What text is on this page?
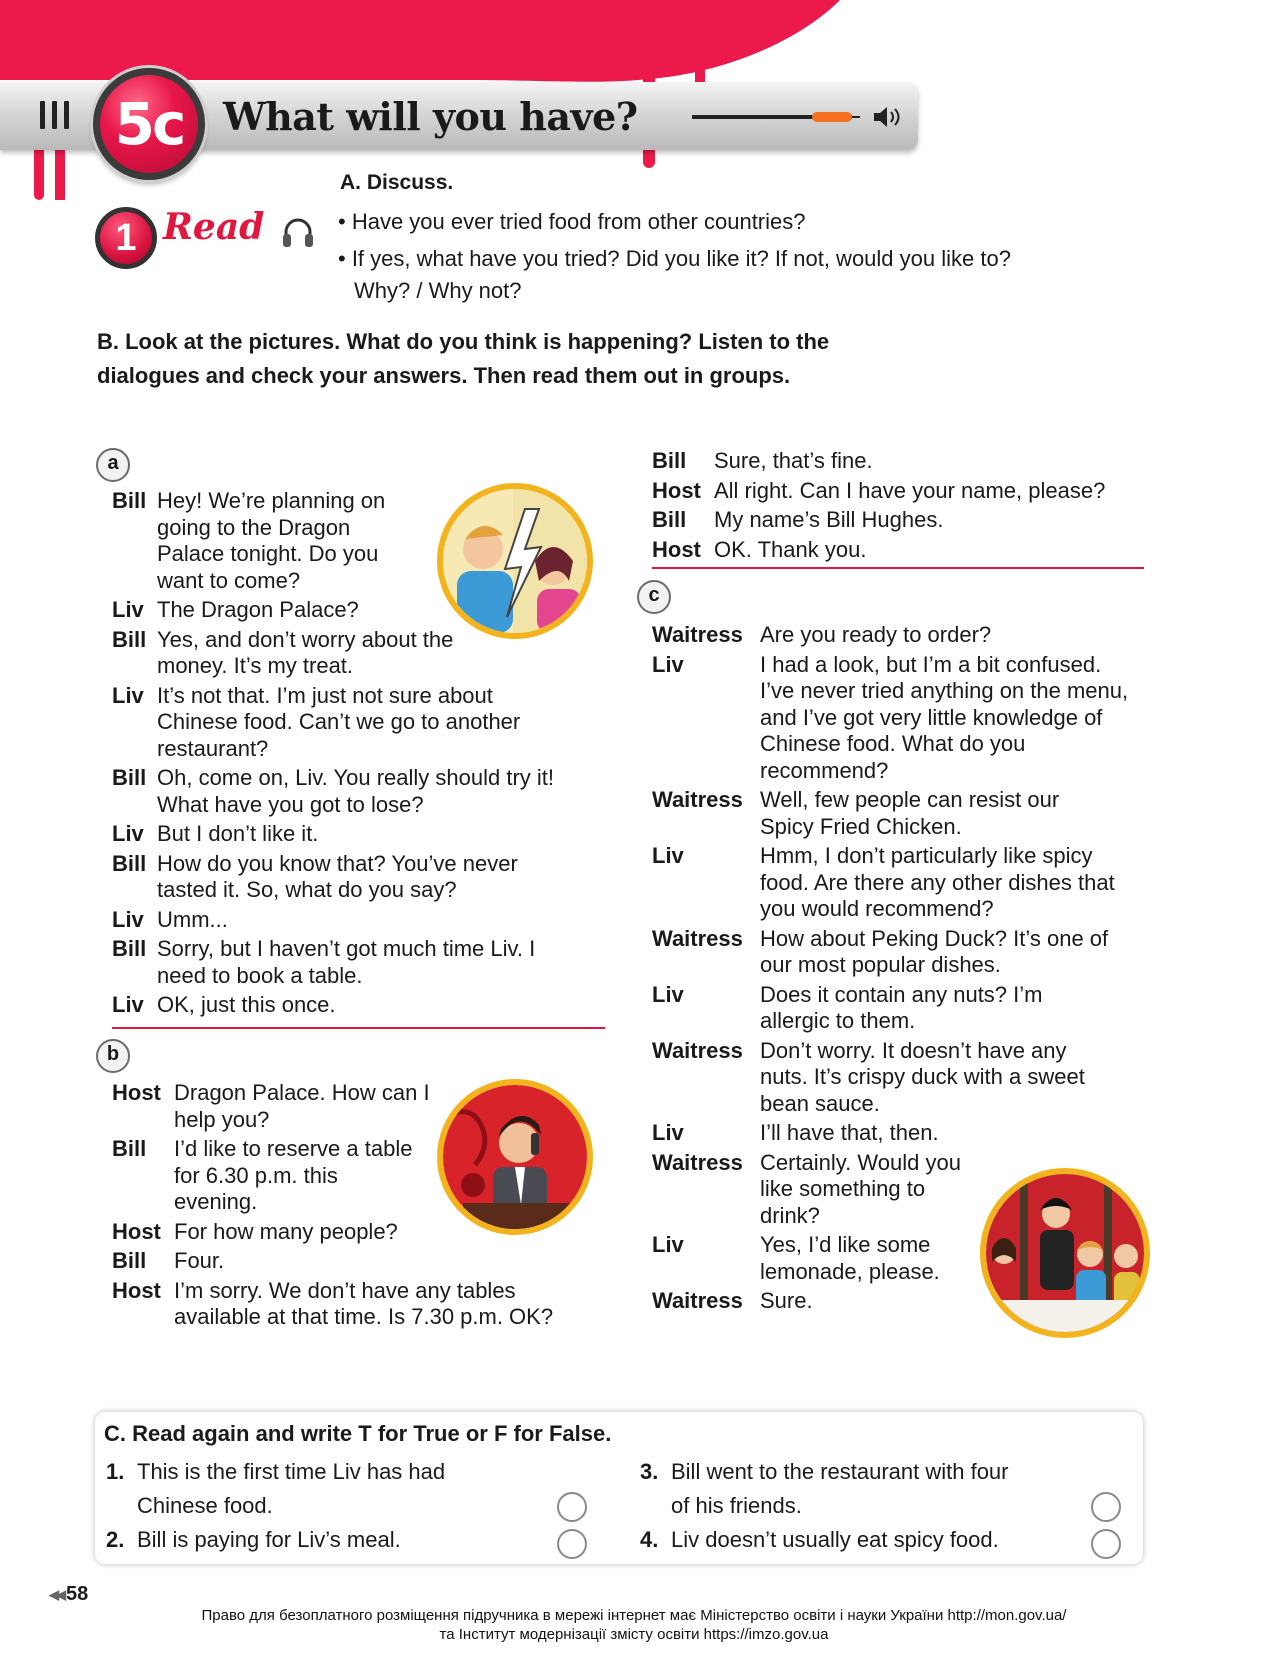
5c	What will you have?
1 Read
A. Discuss.
• Have you ever tried food from other countries?
• If yes, what have you tried? Did you like it? If not, would you like to?
Why? / Why not?
B. Look at the pictures. What do you think is happening? Listen to the dialogues and check your answers. Then read them out in groups.
a
Bill Hey! We’re planning on going to the Dragon Palace tonight. Do you want to come?
Liv The Dragon Palace?
Bill Yes, and don’t worry about the money. It’s my treat.
Liv It’s not that. I’m just not sure about Chinese food. Can’t we go to another restaurant?
Bill Oh, come on, Liv. You really should try it! What have you got to lose?
Liv But I don’t like it.
Bill How do you know that? You’ve never tasted it. So, what do you say?
Liv Umm...
Bill Sorry, but I haven’t got much time Liv. I need to book a table.
Liv OK, just this once.
b
Host Dragon Palace. How can I help you?
Bill	I’d like to reserve a table for 6.30 p.m. this evening.
Host For how many people?
Bill	Four.
Host I’m sorry. We don’t have any tables available at that time. Is 7.30 p.m. OK?
Bill	Sure, that’s fine.
Host All right. Can I have your name, please?
Bill	My name’s Bill Hughes.
Host OK. Thank you.
c
Waitress Are you ready to order?
Liv	I had a look, but I’m a bit confused. I’ve never tried anything on the menu, and I’ve got very little knowledge of Chinese food. What do you recommend?
Waitress Well, few people can resist our Spicy Fried Chicken.
Liv	Hmm, I don’t particularly like spicy food. Are there any other dishes that you would recommend?
Waitress How about Peking Duck? It’s one of our most popular dishes.
Liv	Does it contain any nuts? I’m allergic to them.
Waitress Don’t worry. It doesn’t have any nuts. It’s crispy duck with a sweet bean sauce.
Liv	I’ll have that, then.
Waitress Certainly. Would you like something to drink?
Liv	Yes, I’d like some lemonade, please.
Waitress Sure.
C. Read again and write T for True or F for False.
1. This is the first time Liv has had
Chinese food.
2. Bill is paying for Liv’s meal.
3. Bill went to the restaurant with four
of his friends.
4. Liv doesn’t usually eat spicy food.
◀◀ 58
Право для безоплатного розміщення підручника в мережі інтернет має Міністерство освіти і науки України http://mon.gov.ua/
та Інститут модернізації змісту освіти https://imzo.gov.ua
